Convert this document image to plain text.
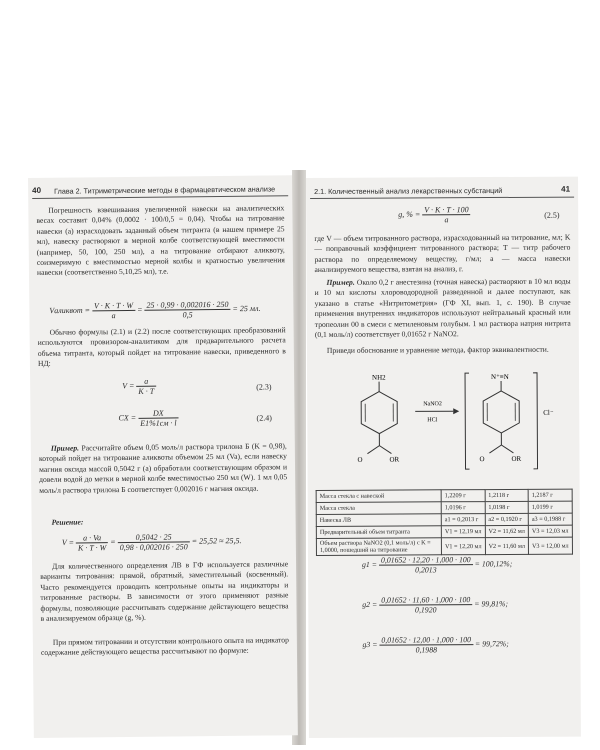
40 Глава 2. Титриметрические методы в фармацевтическом анализе
Погрешность взвешивания увеличенной навески на аналитических весах составит 0,04% (0,0002 · 100/0,5 = 0,04). Чтобы на титрование навески (а) израсходовать заданный объем титранта (в нашем примере 25 мл), навеску растворяют в мерной колбе соответствующей вместимости (например, 50, 100, 250 мл), а на титрование отбирают аликвоту, соизмеримую с вместимостью мерной колбы и кратностью увеличения навески (соответственно 5,10,25 мл), т.е.
Vаликвот = $\frac{V \cdot K \cdot T \cdot W}{a} = \frac{25 \cdot 0,99 \cdot 0,002016 \cdot 250}{0,5} = 25$ мл.
Обычно формулы (2.1) и (2.2) после соответствующих преобразований используются провизором-аналитиком для предварительного расчета объема титранта, который пойдет на титрование навески, приведенного в НД:
$V = \frac{a}{K \cdot T}$	(2.3)
CX = $\frac{DX}{E1\%1см \cdot l}$	(2.4)
Пример. Рассчитайте объем 0,05 моль/л раствора трилона Б (K = 0,98), который пойдет на титрование аликвоты объемом 25 мл (Va), если навеску магния оксида массой 0,5042 г (a) обработали соответствующим образом и довели водой до метки в мерной колбе вместимостью 250 мл (W). 1 мл 0,05 моль/л раствора трилона Б соответствует 0,002016 г магния оксида.
Решение:
$V = \frac{a \cdot Va}{K \cdot T \cdot W} = \frac{0,5042 \cdot 25}{0,98 \cdot 0,002016 \cdot 250} = 25,52 \approx 25,5$.
Для количественного определения ЛВ в ГФ используется различные варианты титрования: прямой, обратный, заместительный (косвенный). Часто рекомендуется проводить контрольные опыты на индикаторы и титрованные растворы. В зависимости от этого применяют разные формулы, позволяющие рассчитывать содержание действующего вещества в анализируемом образце (g, %).
При прямом титровании и отсутствии контрольного опыта на индикатор содержание действующего вещества рассчитывают по формуле:
2.1. Количественный анализ лекарственных субстанций	41
g, % = $\frac{V \cdot K \cdot T \cdot 100}{a}$	(2.5)
где V — объем титрованного раствора, израсходованный на титрование, мл; K — поправочный коэффициент титрованного раствора; T — титр рабочего раствора по определяемому веществу, г/мл; a — масса навески анализируемого вещества, взятая на анализ, г.
Пример. Около 0,2 г анестезина (точная навеска) растворяют в 10 мл воды и 10 мл кислоты хлороводородной разведенной и далее поступают, как указано в статье «Нитритометрия» (ГФ XI, вып. 1, с. 190). В случае применения внутренних индикаторов используют нейтральный красный или тропеолин 00 в смеси с метиленовым голубым. 1 мл раствора натрия нитрита (0,1 моль/л) соответствует 0,01652 г NaNO2.
Приведи обоснование и уравнение метода, фактор эквивалентности.
NH2
O	OR
NaNO2
HCl
N⁺≡N
O	OR
Cl⁻
Масса стекла с навеской	1,2209 г	1,2118 г	1,2187 г
Масса стекла	1,0196 г	1,0198 г	1,0199 г
Навеска ЛВ	a1 = 0,2013 г	a2 = 0,1920 г	a3 = 0,1988 г
Предварительный объем титранта	V1 = 12,19 мл	V2 = 11,62 мл	V3 = 12,03 мл
Объем раствора NaNO2 (0,1 моль/л) с K = 1,0000, пошедший на титрование	V1 = 12,20 мл	V2 = 11,60 мл	V3 = 12,00 мл
$g1 = \frac{0,01652 \cdot 12,20 \cdot 1,000 \cdot 100}{0,2013} = 100,12\%$;
$g2 = \frac{0,01652 \cdot 11,60 \cdot 1,000 \cdot 100}{0,1920} = 99,81\%$;
$g3 = \frac{0,01652 \cdot 12,00 \cdot 1,000 \cdot 100}{0,1988} = 99,72\%$;
